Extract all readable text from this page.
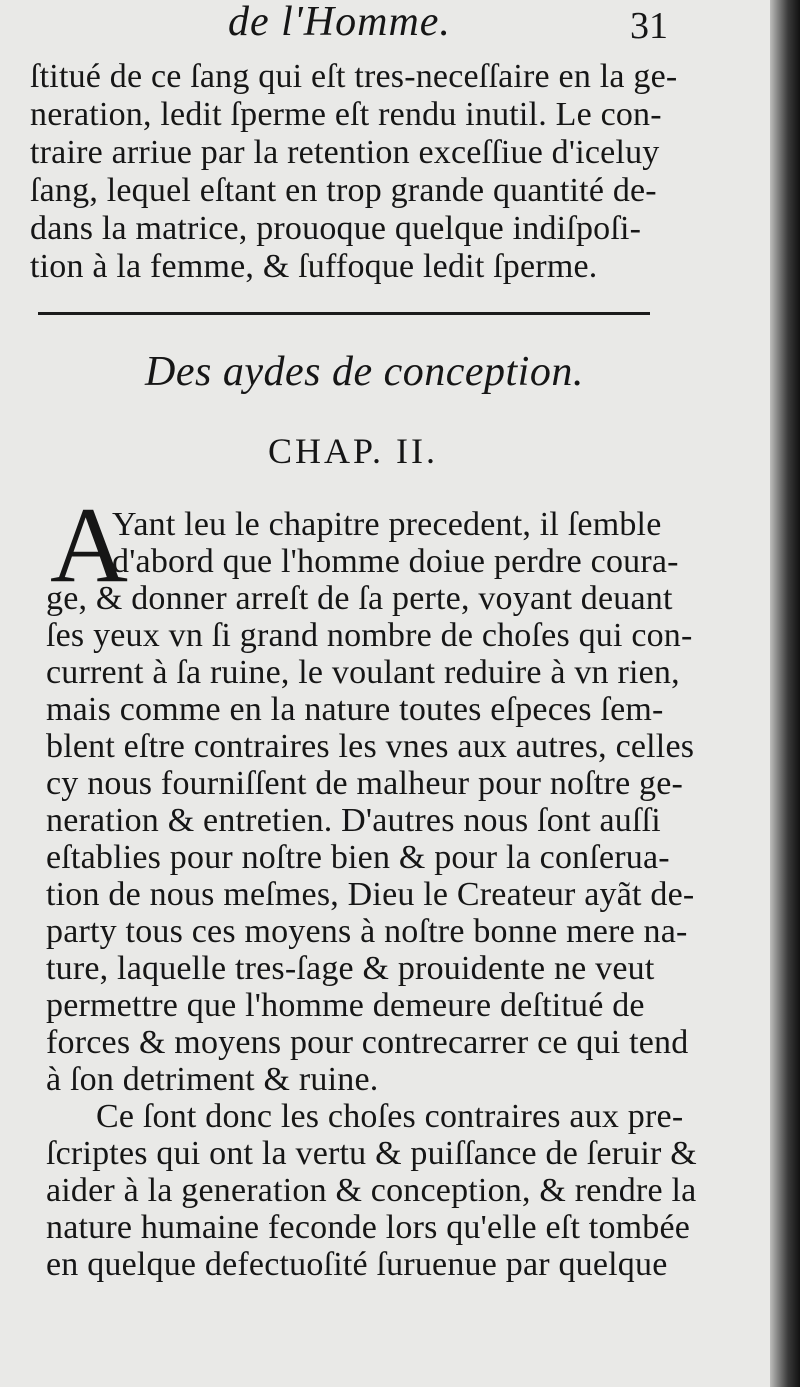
de l'Homme.	31
ſtitué de ce ſang qui eſt tres-neceſſaire en la ge-
neration, ledit ſperme eſt rendu inutil. Le con-
traire arriue par la retention exceſſiue d'iceluy
ſang, lequel eſtant en trop grande quantité de-
dans la matrice, prouoque quelque indiſpoſi-
tion à la femme, & ſuffoque ledit ſperme.
Des aydes de conception.
CHAP. II.
A
Yant leu le chapitre precedent, il ſemble
d'abord que l'homme doiue perdre coura-
ge, & donner arreſt de ſa perte, voyant deuant
ſes yeux vn ſi grand nombre de choſes qui con-
current à ſa ruine, le voulant reduire à vn rien,
mais comme en la nature toutes eſpeces ſem-
blent eſtre contraires les vnes aux autres, celles
cy nous fourniſſent de malheur pour noſtre ge-
neration & entretien. D'autres nous ſont auſſi
eſtablies pour noſtre bien & pour la conſerua-
tion de nous meſmes, Dieu le Createur ayãt de-
party tous ces moyens à noſtre bonne mere na-
ture, laquelle tres-ſage & prouidente ne veut
permettre que l'homme demeure deſtitué de
forces & moyens pour contrecarrer ce qui tend
à ſon detriment & ruine.
Ce ſont donc les choſes contraires aux pre-
ſcriptes qui ont la vertu & puiſſance de ſeruir &
aider à la generation & conception, & rendre la
nature humaine feconde lors qu'elle eſt tombée
en quelque defectuoſité ſuruenue par quelque
